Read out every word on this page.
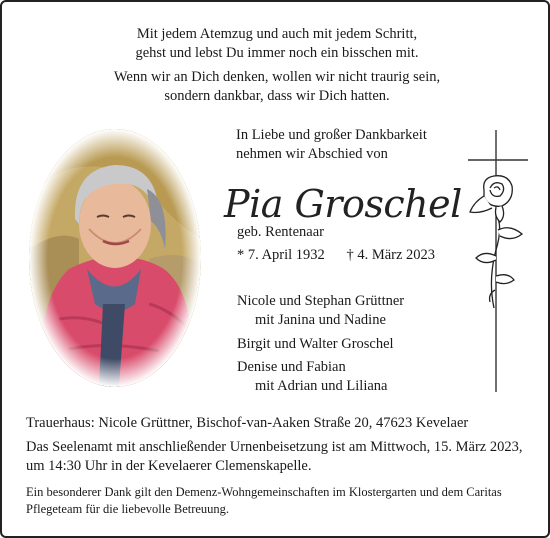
Mit jedem Atemzug und auch mit jedem Schritt,
gehst und lebst Du immer noch ein bisschen mit.
Wenn wir an Dich denken, wollen wir nicht traurig sein,
sondern dankbar, dass wir Dich hatten.
In Liebe und großer Dankbarkeit
nehmen wir Abschied von
Pia Groschel
geb. Rentenaar
* 7. April 1932 † 4. März 2023
Nicole und Stephan Grüttner
mit Janina und Nadine
Birgit und Walter Groschel
Denise und Fabian
mit Adrian und Liliana
Trauerhaus: Nicole Grüttner, Bischof-van-Aaken Straße 20, 47623 Kevelaer
Das Seelenamt mit anschließender Urnenbeisetzung ist am Mittwoch, 15. März 2023,
um 14:30 Uhr in der Kevelaerer Clemenskapelle.
Ein besonderer Dank gilt den Demenz-Wohngemeinschaften im Klostergarten und dem Caritas
Pflegeteam für die liebevolle Betreuung.
